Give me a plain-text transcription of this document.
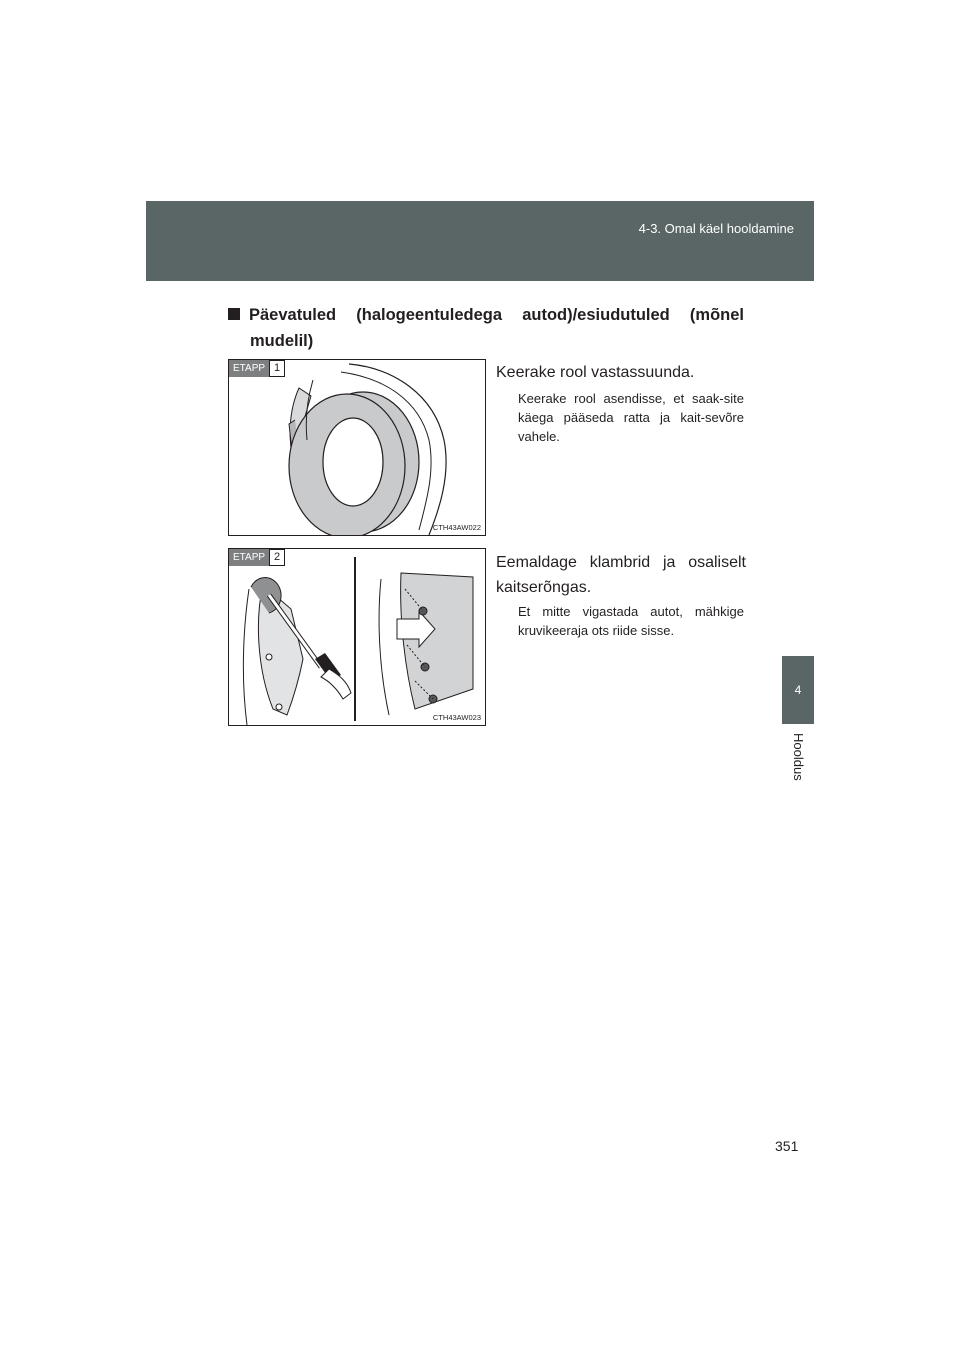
4-3. Omal käel hooldamine
4
Hooldus
Päevatuled (halogeentuledega autod)/esiudutuled (mõnel
mudelil)
ETAPP 1
CTH43AW022
Keerake rool vastassuunda.
Keerake rool asendisse, et saak-site käega pääseda ratta ja kait-sevõre vahele.
ETAPP 2
CTH43AW023
Eemaldage klambrid ja osaliselt kaitserõngas.
Et mitte vigastada autot, mähkige kruvikeeraja ots riide sisse.
351
